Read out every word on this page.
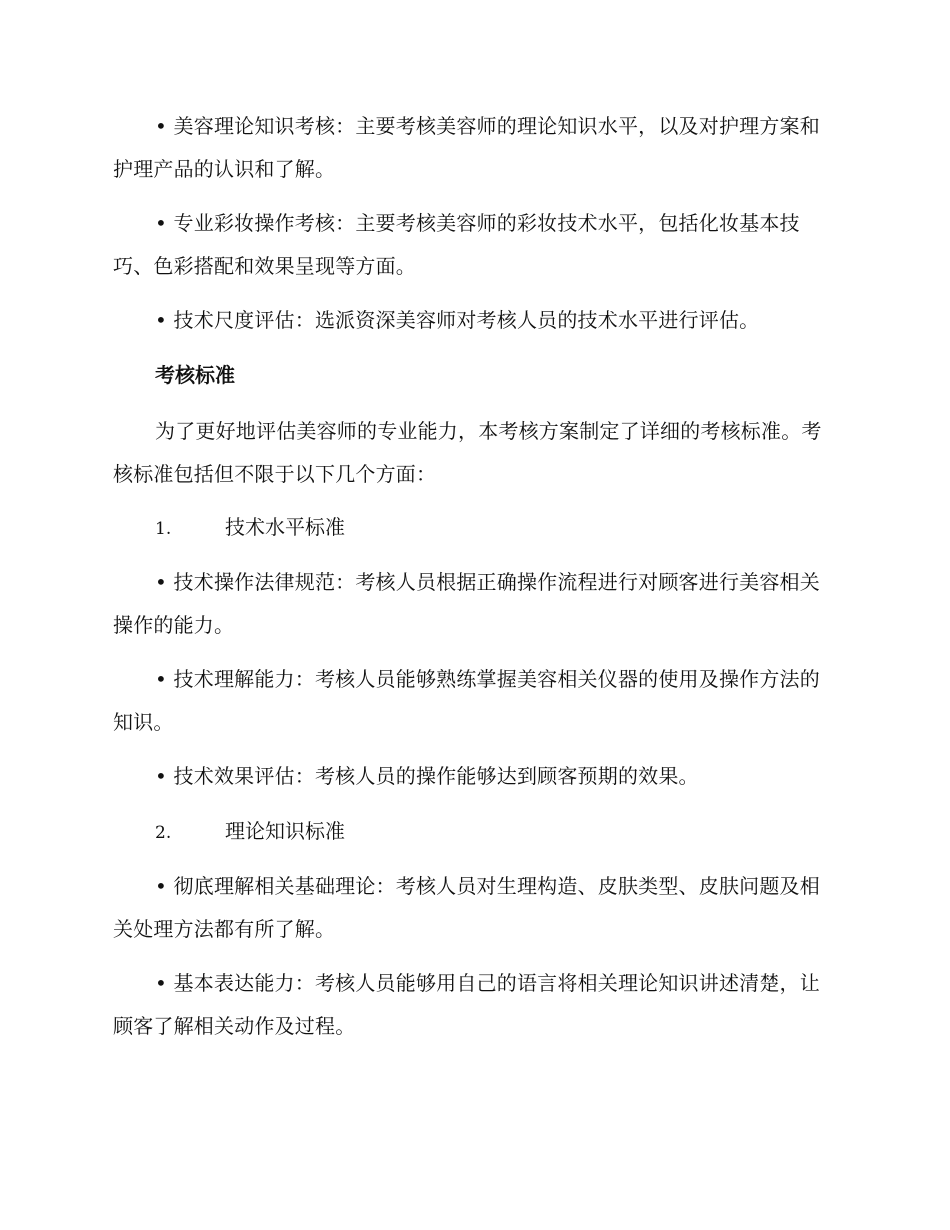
• 美容理论知识考核：主要考核美容师的理论知识水平，以及对护理方案和护理产品的认识和了解。

• 专业彩妆操作考核：主要考核美容师的彩妆技术水平，包括化妆基本技巧、色彩搭配和效果呈现等方面。

• 技术尺度评估：选派资深美容师对考核人员的技术水平进行评估。

考核标准

为了更好地评估美容师的专业能力，本考核方案制定了详细的考核标准。考核标准包括但不限于以下几个方面：

1.	技术水平标准

• 技术操作法律规范：考核人员根据正确操作流程进行对顾客进行美容相关操作的能力。

• 技术理解能力：考核人员能够熟练掌握美容相关仪器的使用及操作方法的知识。

• 技术效果评估：考核人员的操作能够达到顾客预期的效果。

2.	理论知识标准

• 彻底理解相关基础理论：考核人员对生理构造、皮肤类型、皮肤问题及相关处理方法都有所了解。

• 基本表达能力：考核人员能够用自己的语言将相关理论知识讲述清楚，让顾客了解相关动作及过程。
